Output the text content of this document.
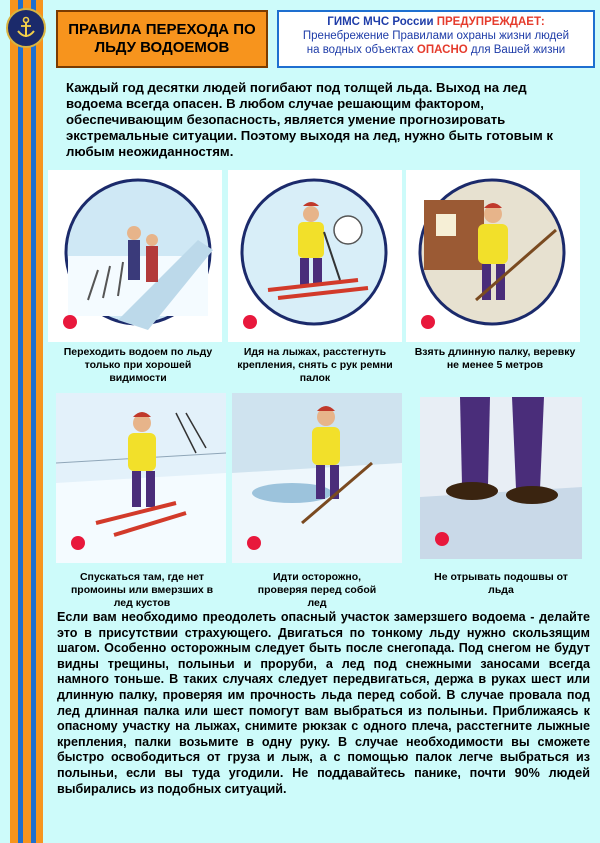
ПРАВИЛА ПЕРЕХОДА ПО ЛЬДУ ВОДОЕМОВ
ГИМС МЧС России ПРЕДУПРЕЖДАЕТ:
Пренебрежение Правилами охраны жизни людей
на водных объектах ОПАСНО для Вашей жизни

Каждый год десятки людей погибают под толщей льда. Выход на лед водоема всегда опасен. В любом случае решающим фактором, обеспечивающим безопасность, является умение прогнозировать экстремальные ситуации. Поэтому выходя на лед, нужно быть готовым к любым неожиданностям.

Переходить водоем по льду только при хорошей видимости
Идя на лыжах, расстегнуть крепления, снять с рук ремни палок
Взять длинную палку, веревку не менее 5 метров
Спускаться там, где нет промоины или вмерзших в лед кустов
Идти осторожно, проверяя перед собой лед
Не отрывать подошвы от льда

Если вам необходимо преодолеть опасный участок замерзшего водоема - делайте это в присутствии страхующего. Двигаться по тонкому льду нужно скользящим шагом. Особенно осторожным следует быть после снегопада. Под снегом не будут видны трещины, полыньи и проруби, а лед под снежными заносами всегда намного тоньше. В таких случаях следует передвигаться, держа в руках шест или длинную палку, проверяя им прочность льда перед собой. В случае провала под лед длинная палка или шест помогут вам выбраться из полыньи. Приближаясь к опасному участку на лыжах, снимите рюкзак с одного плеча, расстегните лыжные крепления, палки возьмите в одну руку. В случае необходимости вы сможете быстро освободиться от груза и лыж, а с помощью палок легче выбраться из полыньи, если вы туда угодили. Не поддавайтесь панике, почти 90% людей выбирались из подобных ситуаций.
